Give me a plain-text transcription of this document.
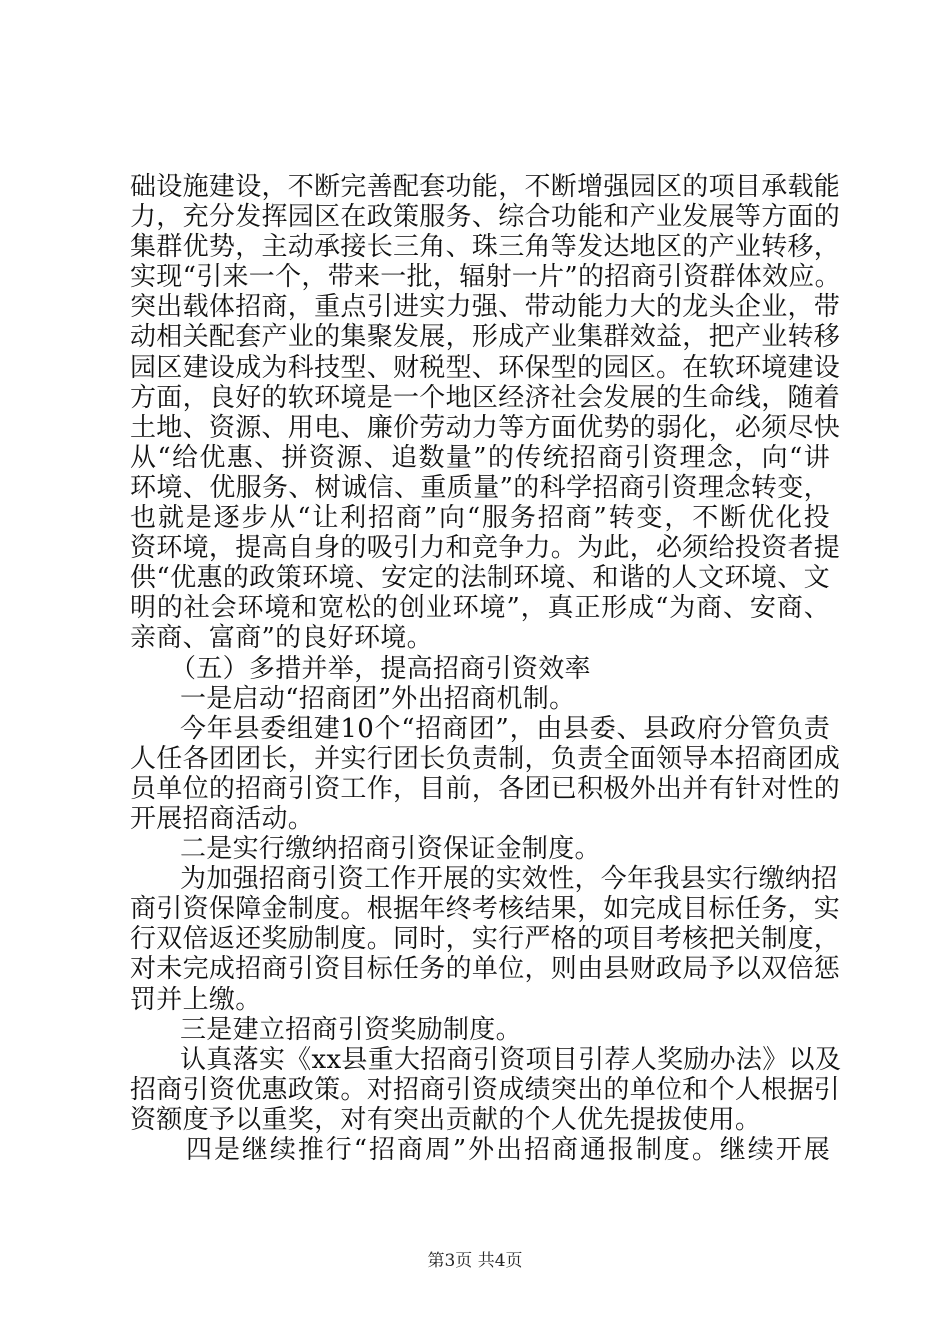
础设施建设，不断完善配套功能，不断增强园区的项目承载能
力，充分发挥园区在政策服务、综合功能和产业发展等方面的
集群优势，主动承接长三角、珠三角等发达地区的产业转移，
实现“引来一个，带来一批，辐射一片”的招商引资群体效应。
突出载体招商，重点引进实力强、带动能力大的龙头企业，带
动相关配套产业的集聚发展，形成产业集群效益，把产业转移
园区建设成为科技型、财税型、环保型的园区。在软环境建设
方面，良好的软环境是一个地区经济社会发展的生命线，随着
土地、资源、用电、廉价劳动力等方面优势的弱化，必须尽快
从“给优惠、拼资源、追数量”的传统招商引资理念，向“讲
环境、优服务、树诚信、重质量”的科学招商引资理念转变，
也就是逐步从“让利招商”向“服务招商”转变，不断优化投
资环境，提高自身的吸引力和竞争力。为此，必须给投资者提
供“优惠的政策环境、安定的法制环境、和谐的人文环境、文
明的社会环境和宽松的创业环境”，真正形成“为商、安商、
亲商、富商”的良好环境。
（五）多措并举，提高招商引资效率
一是启动“招商团”外出招商机制。
今年县委组建10个“招商团”，由县委、县政府分管负责
人任各团团长，并实行团长负责制，负责全面领导本招商团成
员单位的招商引资工作，目前，各团已积极外出并有针对性的
开展招商活动。
二是实行缴纳招商引资保证金制度。
为加强招商引资工作开展的实效性，今年我县实行缴纳招
商引资保障金制度。根据年终考核结果，如完成目标任务，实
行双倍返还奖励制度。同时，实行严格的项目考核把关制度，
对未完成招商引资目标任务的单位，则由县财政局予以双倍惩
罚并上缴。
三是建立招商引资奖励制度。
认真落实《xx县重大招商引资项目引荐人奖励办法》以及
招商引资优惠政策。对招商引资成绩突出的单位和个人根据引
资额度予以重奖，对有突出贡献的个人优先提拔使用。
四是继续推行“招商周”外出招商通报制度。继续开展
第3页 共4页
